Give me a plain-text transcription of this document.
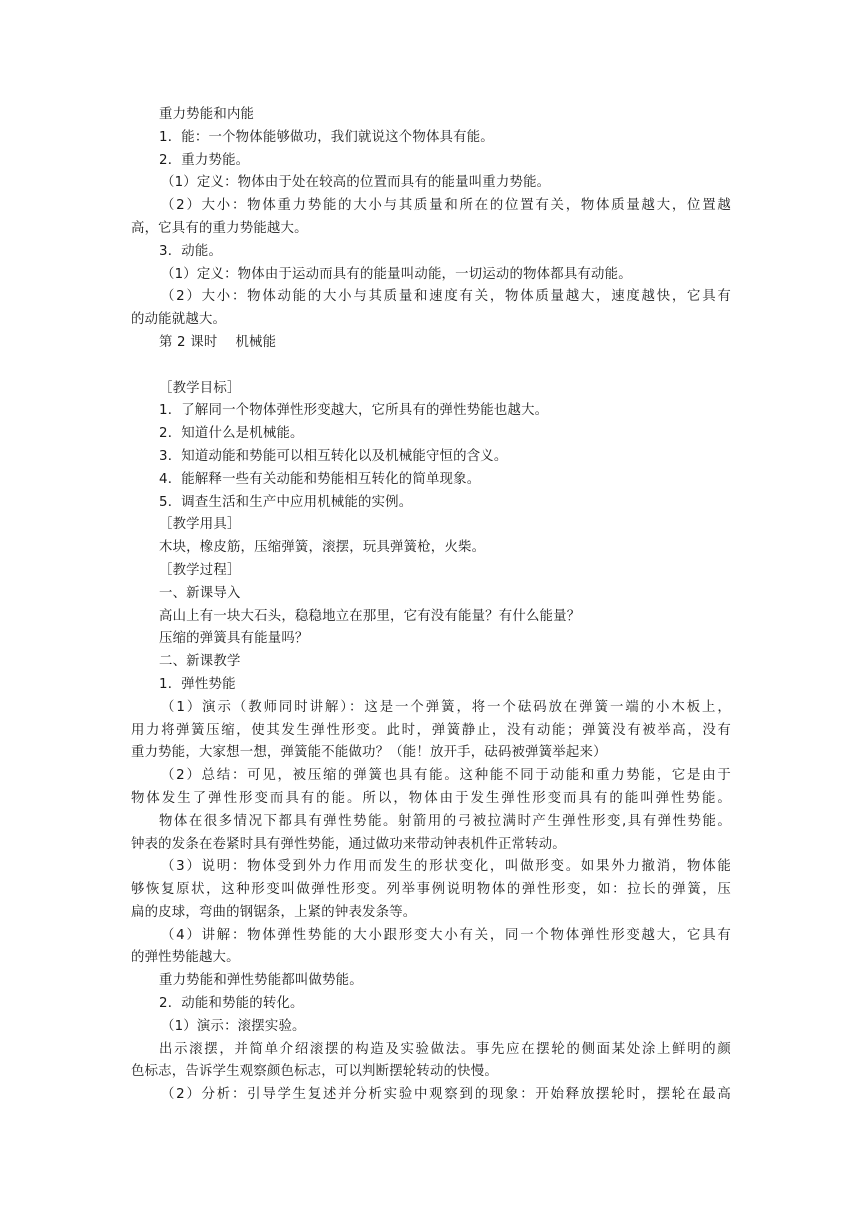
重力势能和内能
1．能：一个物体能够做功，我们就说这个物体具有能。
2．重力势能。
（1）定义：物体由于处在较高的位置而具有的能量叫重力势能。
（2）大小：物体重力势能的大小与其质量和所在的位置有关，物体质量越大，位置越
高，它具有的重力势能越大。
3．动能。
（1）定义：物体由于运动而具有的能量叫动能，一切运动的物体都具有动能。
（2）大小：物体动能的大小与其质量和速度有关，物体质量越大，速度越快，它具有
的动能就越大。
第 2 课时　 机械能
［教学目标］
1．了解同一个物体弹性形变越大，它所具有的弹性势能也越大。
2．知道什么是机械能。
3．知道动能和势能可以相互转化以及机械能守恒的含义。
4．能解释一些有关动能和势能相互转化的简单现象。
5．调查生活和生产中应用机械能的实例。
［教学用具］
木块，橡皮筋，压缩弹簧，滚摆，玩具弹簧枪，火柴。
［教学过程］
一、新课导入
高山上有一块大石头，稳稳地立在那里，它有没有能量？有什么能量？
压缩的弹簧具有能量吗？
二、新课教学
1．弹性势能
（1）演示（教师同时讲解）：这是一个弹簧，将一个砝码放在弹簧一端的小木板上，
用力将弹簧压缩，使其发生弹性形变。此时，弹簧静止，没有动能；弹簧没有被举高，没有
重力势能，大家想一想，弹簧能不能做功？（能！放开手，砝码被弹簧举起来）
（2）总结：可见，被压缩的弹簧也具有能。这种能不同于动能和重力势能，它是由于
物体发生了弹性形变而具有的能。所以，物体由于发生弹性形变而具有的能叫弹性势能。
物体在很多情况下都具有弹性势能。射箭用的弓被拉满时产生弹性形变,具有弹性势能。
钟表的发条在卷紧时具有弹性势能，通过做功来带动钟表机件正常转动。
（3）说明：物体受到外力作用而发生的形状变化，叫做形变。如果外力撤消，物体能
够恢复原状，这种形变叫做弹性形变。列举事例说明物体的弹性形变，如：拉长的弹簧，压
扁的皮球，弯曲的钢锯条，上紧的钟表发条等。
（4）讲解：物体弹性势能的大小跟形变大小有关，同一个物体弹性形变越大，它具有
的弹性势能越大。
重力势能和弹性势能都叫做势能。
2．动能和势能的转化。
（1）演示：滚摆实验。
出示滚摆，并简单介绍滚摆的构造及实验做法。事先应在摆轮的侧面某处涂上鲜明的颜
色标志，告诉学生观察颜色标志，可以判断摆轮转动的快慢。
（2）分析：引导学生复述并分析实验中观察到的现象：开始释放摆轮时，摆轮在最高
